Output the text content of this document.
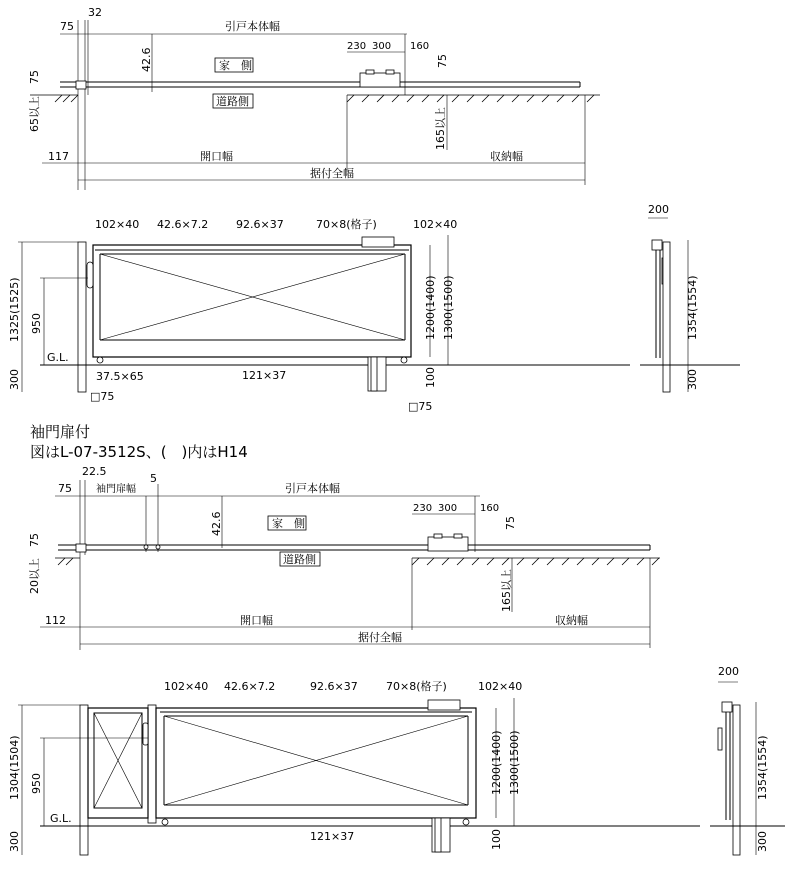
引戸本体幅
75
32
42.6	家　側
道路側
230 300 160
75
75
65以上	165以上
117	開口幅	収納幅
据付全幅
102×40 42.6×7.2	92.6×37	70×8(格子)	102×40
1325(1525) 950
300
G.L.
37.5×65
□75
121×37
□75
1200(1400) 1300(1500)
100
200
1354(1554)
300
袖門扉付
図はL-07-3512S、(　)内はH14
22.5
5
75 袖門扉幅	引戸本体幅
42.6	家　側
道路側
230 300 160
75
75
20以上	165以上
112	開口幅	収納幅
据付全幅
102×40 42.6×7.2	92.6×37	70×8(格子)	102×40
1304(1504) 950
300
G.L.
121×37
1200(1400) 1300(1500)
100
200
1354(1554)
300
